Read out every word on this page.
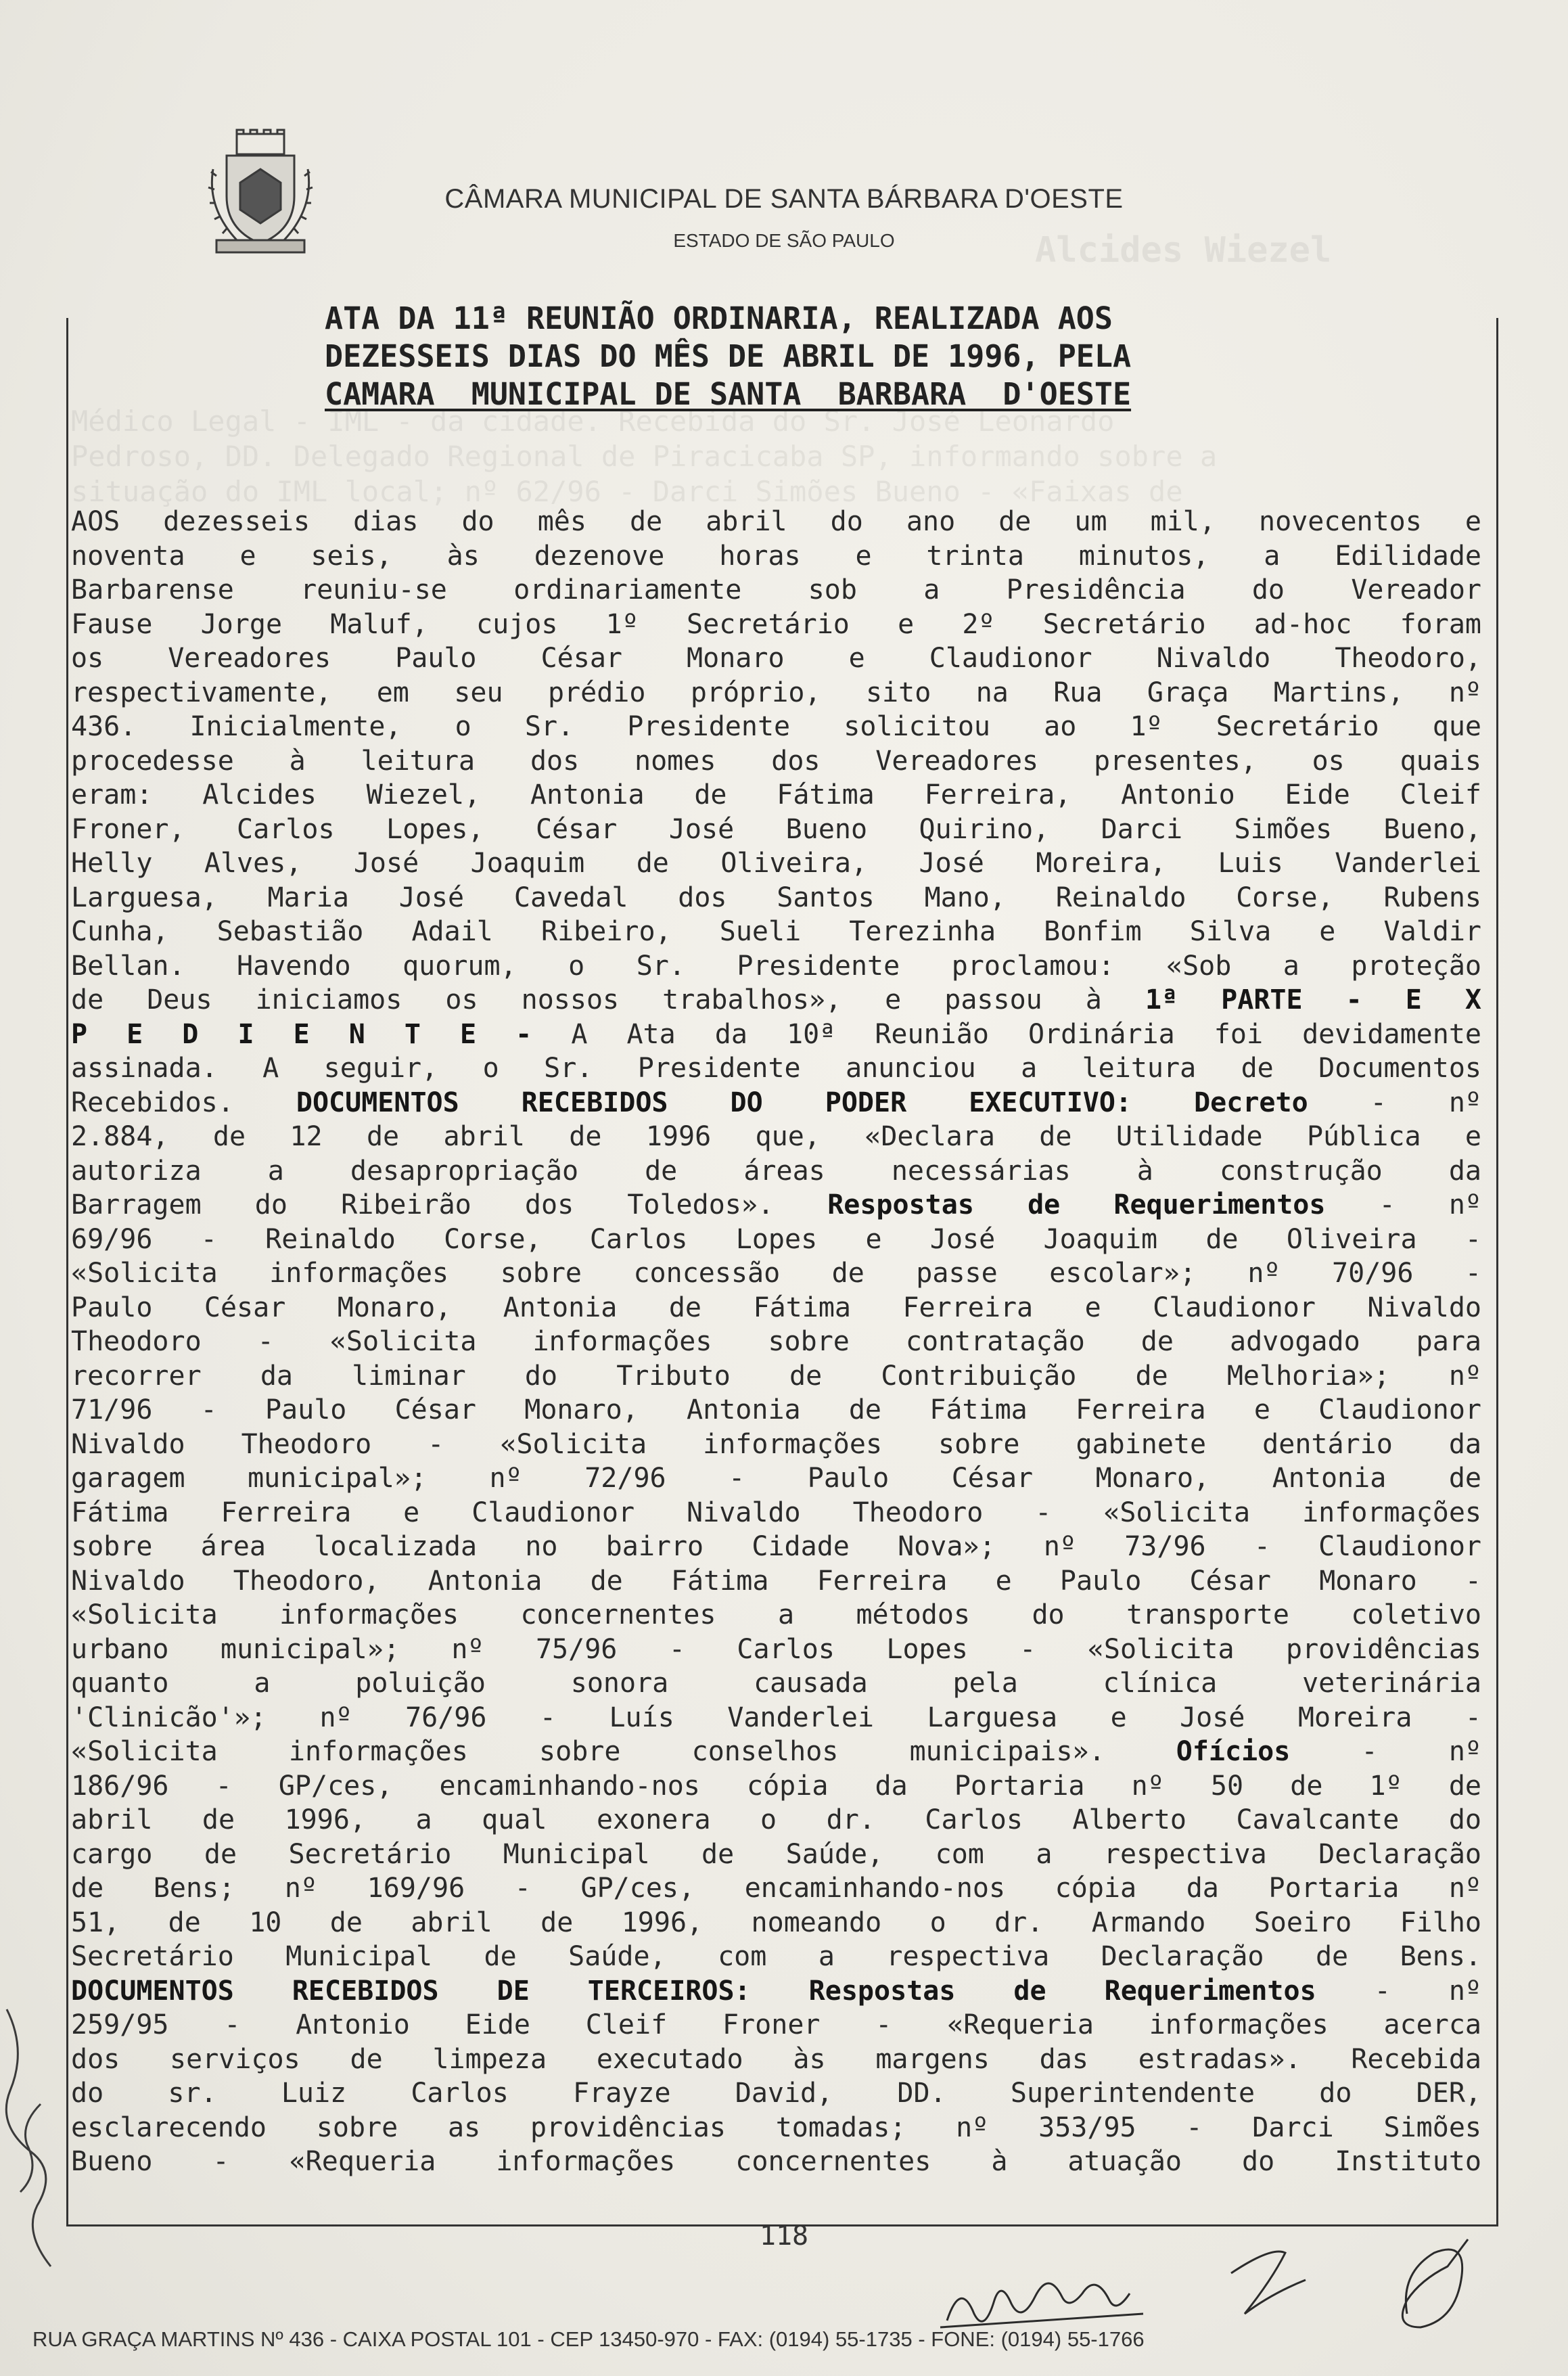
Alcides Wiezel
Médico Legal - IML - da cidade. Recebida do Sr. José Leonardo
Pedroso, DD. Delegado Regional de Piracicaba SP, informando sobre a
situação do IML local; nº 62/96 - Darci Simões Bueno - «Faixas de
CÂMARA MUNICIPAL DE SANTA BÁRBARA D'OESTE
ESTADO DE SÃO PAULO
ATA DA 11ª REUNIÃO ORDINARIA, REALIZADA AOS
DEZESSEIS DIAS DO MÊS DE ABRIL DE 1996, PELA
CAMARA  MUNICIPAL DE SANTA  BARBARA  D'OESTE
AOS dezesseis dias do mês de abril do ano de um mil, novecentos e
noventa e seis, às dezenove horas e trinta minutos, a Edilidade
Barbarense reuniu-se ordinariamente sob a Presidência do Vereador
Fause Jorge Maluf, cujos 1º Secretário e 2º Secretário ad-hoc foram
os Vereadores Paulo César Monaro e Claudionor Nivaldo Theodoro,
respectivamente, em seu prédio próprio, sito na Rua Graça Martins, nº
436. Inicialmente, o Sr. Presidente solicitou ao 1º Secretário que
procedesse à leitura dos nomes dos Vereadores presentes, os quais
eram: Alcides Wiezel, Antonia de Fátima Ferreira, Antonio Eide Cleif
Froner, Carlos Lopes, César José Bueno Quirino, Darci Simões Bueno,
Helly Alves, José Joaquim de Oliveira, José Moreira, Luis Vanderlei
Larguesa, Maria José Cavedal dos Santos Mano, Reinaldo Corse, Rubens
Cunha, Sebastião Adail Ribeiro, Sueli Terezinha Bonfim Silva e Valdir
Bellan. Havendo quorum, o Sr. Presidente proclamou: «Sob a proteção
de Deus iniciamos os nossos trabalhos», e passou à 1ª PARTE - E X
P E D I E N T E - A Ata da 10ª Reunião Ordinária foi devidamente
assinada. A seguir, o Sr. Presidente anunciou a leitura de Documentos
Recebidos. DOCUMENTOS RECEBIDOS DO PODER EXECUTIVO: Decreto - nº
2.884, de 12 de abril de 1996 que, «Declara de Utilidade Pública e
autoriza a desapropriação de áreas necessárias à construção da
Barragem do Ribeirão dos Toledos». Respostas de Requerimentos - nº
69/96 - Reinaldo Corse, Carlos Lopes e José Joaquim de Oliveira -
«Solicita informações sobre concessão de passe escolar»; nº 70/96 -
Paulo César Monaro, Antonia de Fátima Ferreira e Claudionor Nivaldo
Theodoro - «Solicita informações sobre contratação de advogado para
recorrer da liminar do Tributo de Contribuição de Melhoria»; nº
71/96 - Paulo César Monaro, Antonia de Fátima Ferreira e Claudionor
Nivaldo Theodoro - «Solicita informações sobre gabinete dentário da
garagem municipal»; nº 72/96 - Paulo César Monaro, Antonia de
Fátima Ferreira e Claudionor Nivaldo Theodoro - «Solicita informações
sobre área localizada no bairro Cidade Nova»; nº 73/96 - Claudionor
Nivaldo Theodoro, Antonia de Fátima Ferreira e Paulo César Monaro -
«Solicita informações concernentes a métodos do transporte coletivo
urbano municipal»; nº 75/96 - Carlos Lopes - «Solicita providências
quanto a poluição sonora causada pela clínica veterinária
'Clinicão'»; nº 76/96 - Luís Vanderlei Larguesa e José Moreira -
«Solicita informações sobre conselhos municipais». Ofícios - nº
186/96 - GP/ces, encaminhando-nos cópia da Portaria nº 50 de 1º de
abril de 1996, a qual exonera o dr. Carlos Alberto Cavalcante do
cargo de Secretário Municipal de Saúde, com a respectiva Declaração
de Bens; nº 169/96 - GP/ces, encaminhando-nos cópia da Portaria nº
51, de 10 de abril de 1996, nomeando o dr. Armando Soeiro Filho
Secretário Municipal de Saúde, com a respectiva Declaração de Bens.
DOCUMENTOS RECEBIDOS DE TERCEIROS: Respostas de Requerimentos - nº
259/95 - Antonio Eide Cleif Froner - «Requeria informações acerca
dos serviços de limpeza executado às margens das estradas». Recebida
do sr. Luiz Carlos Frayze David, DD. Superintendente do DER,
esclarecendo sobre as providências tomadas; nº 353/95 - Darci Simões
Bueno - «Requeria informações concernentes à atuação do Instituto
118
RUA GRAÇA MARTINS Nº 436 - CAIXA POSTAL 101 - CEP 13450-970 - FAX: (0194) 55-1735 - FONE: (0194) 55-1766
